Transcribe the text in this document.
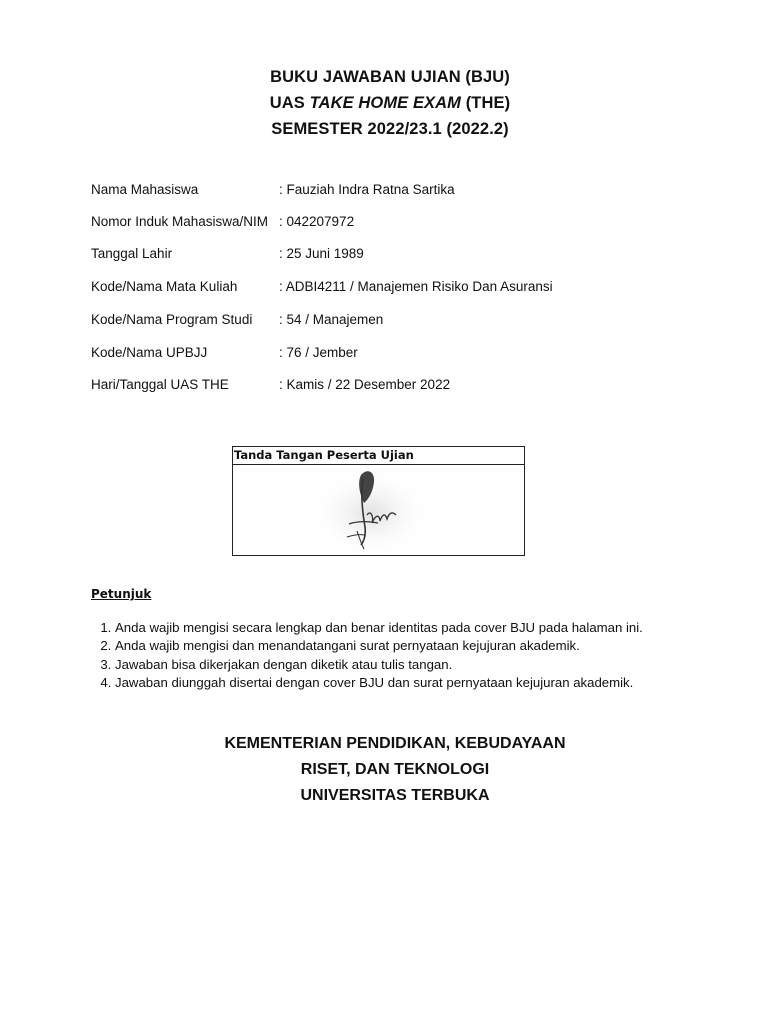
BUKU JAWABAN UJIAN (BJU)
UAS TAKE HOME EXAM (THE)
SEMESTER 2022/23.1 (2022.2)
Nama Mahasiswa	: Fauziah Indra Ratna Sartika
Nomor Induk Mahasiswa/NIM : 042207972
Tanggal Lahir	: 25 Juni 1989
Kode/Nama Mata Kuliah	: ADBI4211 / Manajemen Risiko Dan Asuransi
Kode/Nama Program Studi : 54 / Manajemen
Kode/Nama UPBJJ	: 76 / Jember
Hari/Tanggal UAS THE	: Kamis / 22 Desember 2022
Tanda Tangan Peserta Ujian
Petunjuk
1. Anda wajib mengisi secara lengkap dan benar identitas pada cover BJU pada halaman ini.
2. Anda wajib mengisi dan menandatangani surat pernyataan kejujuran akademik.
3. Jawaban bisa dikerjakan dengan diketik atau tulis tangan.
4. Jawaban diunggah disertai dengan cover BJU dan surat pernyataan kejujuran akademik.
KEMENTERIAN PENDIDIKAN, KEBUDAYAAN
RISET, DAN TEKNOLOGI
UNIVERSITAS TERBUKA
